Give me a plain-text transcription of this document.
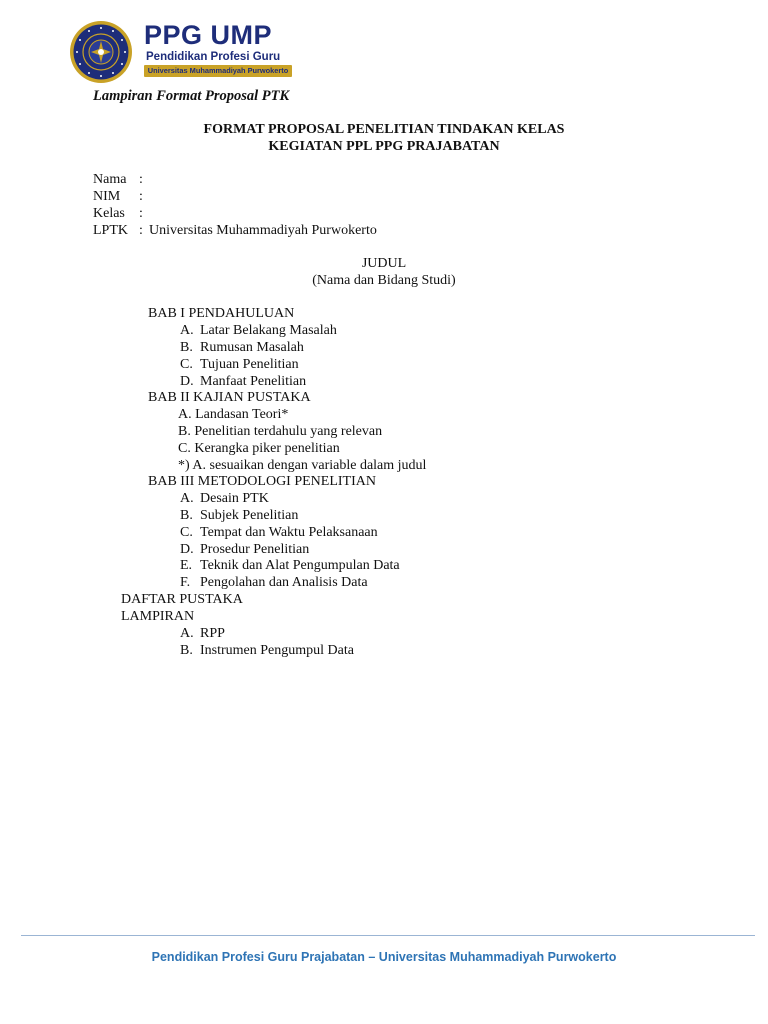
PPG UMP
Pendidikan Profesi Guru
Universitas Muhammadiyah Purwokerto
Lampiran Format Proposal PTK
FORMAT PROPOSAL PENELITIAN TINDAKAN KELAS
KEGIATAN PPL PPG PRAJABATAN
Nama :
NIM :
Kelas :
LPTK : Universitas Muhammadiyah Purwokerto
JUDUL
(Nama dan Bidang Studi)
BAB I PENDAHULUAN
A. Latar Belakang Masalah
B. Rumusan Masalah
C. Tujuan Penelitian
D. Manfaat Penelitian
BAB II KAJIAN PUSTAKA
A. Landasan Teori*
B. Penelitian terdahulu yang relevan
C. Kerangka piker penelitian
*) A. sesuaikan dengan variable dalam judul
BAB III METODOLOGI PENELITIAN
A. Desain PTK
B. Subjek Penelitian
C. Tempat dan Waktu Pelaksanaan
D. Prosedur Penelitian
E. Teknik dan Alat Pengumpulan Data
F. Pengolahan dan Analisis Data
DAFTAR PUSTAKA
LAMPIRAN
A. RPP
B. Instrumen Pengumpul Data
Pendidikan Profesi Guru Prajabatan – Universitas Muhammadiyah Purwokerto
